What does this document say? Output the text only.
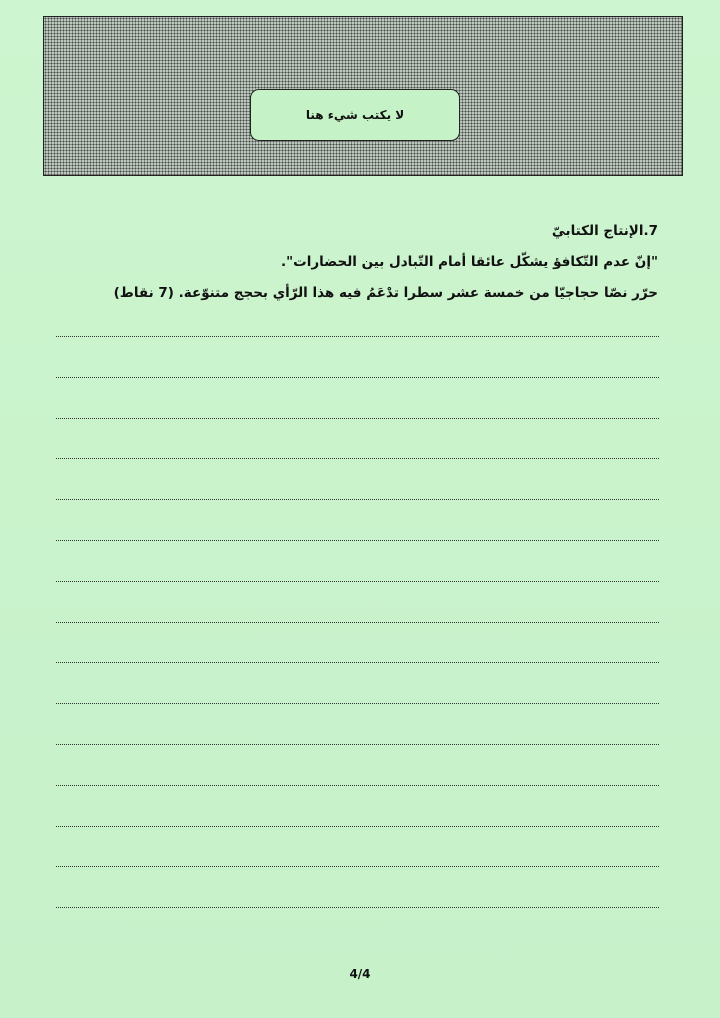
لا يكتب شيء هنا
7.الإنتاج الكتابيّ
"إنّ عدم التّكافؤ يشكّل عائقا أمام التّبادل بين الحضارات".
حرّر نصّا حجاجيّا من خمسة عشر سطرا تدْعَمُ فيه هذا الرّأي بحجج متنوّعة. (7 نقاط)
4/4
